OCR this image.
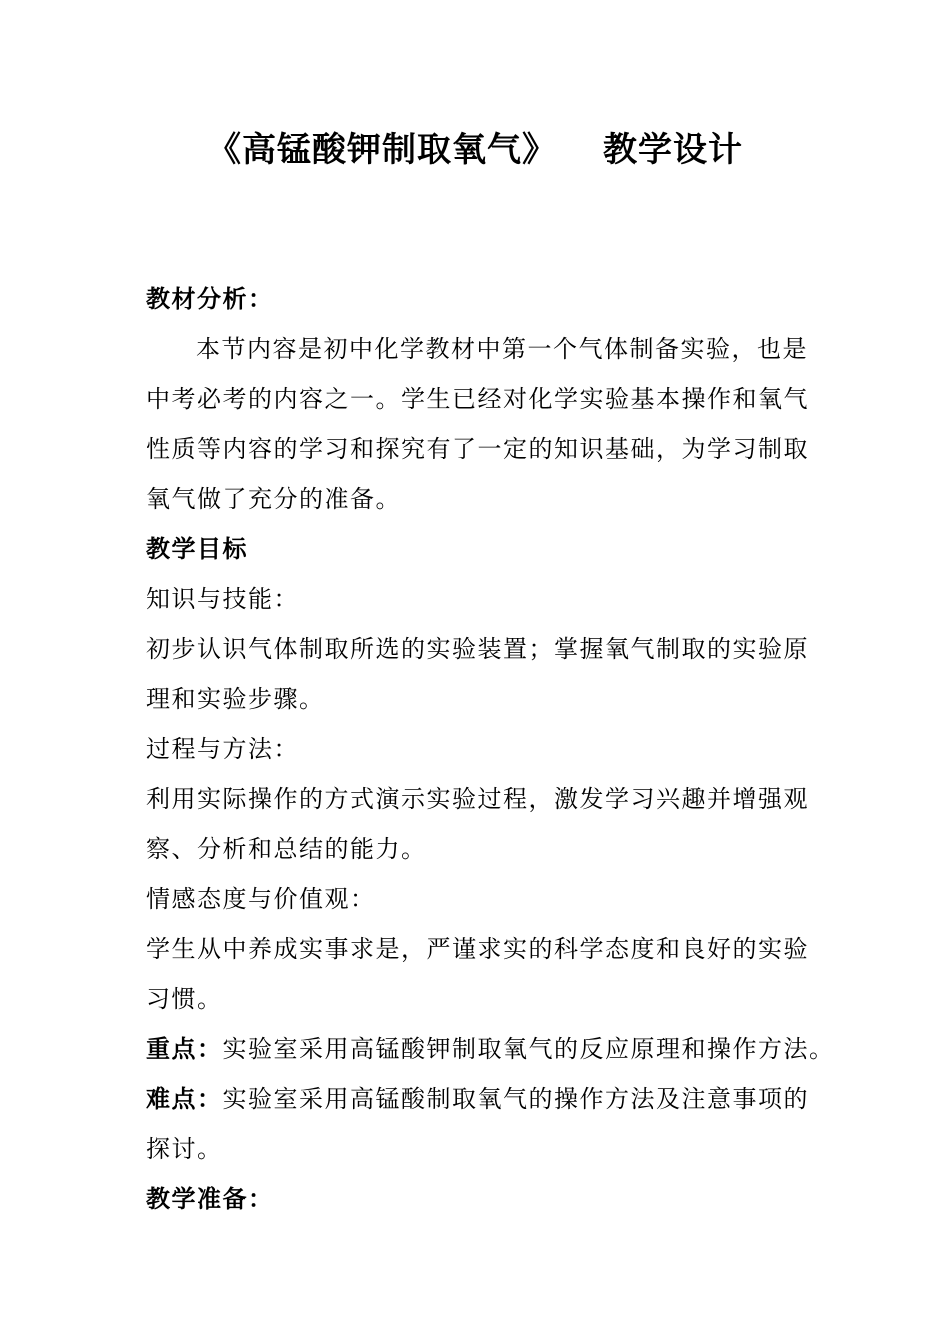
《高锰酸钾制取氧气》 教学设计
教材分析：
本节内容是初中化学教材中第一个气体制备实验，也是
中考必考的内容之一。学生已经对化学实验基本操作和氧气
性质等内容的学习和探究有了一定的知识基础，为学习制取
氧气做了充分的准备。
教学目标
知识与技能：
初步认识气体制取所选的实验装置；掌握氧气制取的实验原
理和实验步骤。
过程与方法：
利用实际操作的方式演示实验过程，激发学习兴趣并增强观
察、分析和总结的能力。
情感态度与价值观：
学生从中养成实事求是，严谨求实的科学态度和良好的实验
习惯。
重点：实验室采用高锰酸钾制取氧气的反应原理和操作方法。
难点：实验室采用高锰酸制取氧气的操作方法及注意事项的
探讨。
教学准备：
